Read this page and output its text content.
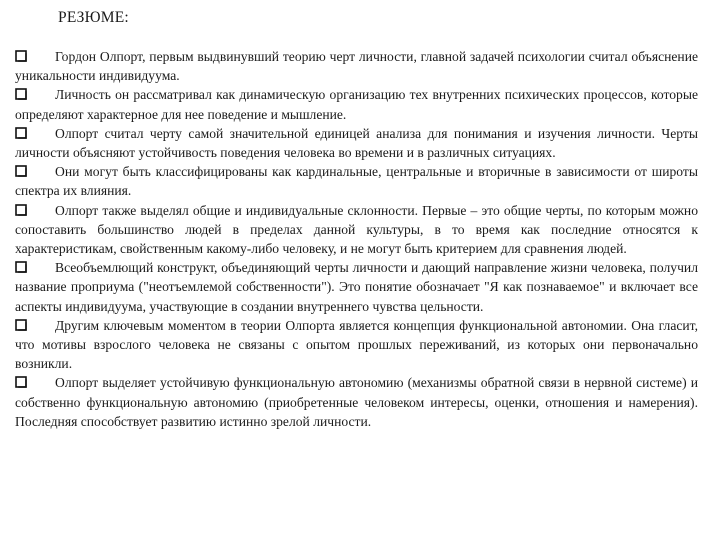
РЕЗЮМЕ:

Гордон Олпорт, первым выдвинувший теорию черт личности, главной задачей психологии считал объяснение уникальности индивидуума.

Личность он рассматривал как динамическую организацию тех внутренних психических процессов, которые определяют характерное для нее поведение и мышление.

Олпорт считал черту самой значительной единицей анализа для понимания и изучения личности. Черты личности объясняют устойчивость поведения человека во времени и в различных ситуациях.

Они могут быть классифицированы как кардинальные, центральные и вторичные в зависимости от широты спектра их влияния.

Олпорт также выделял общие и индивидуальные склонности. Первые – это общие черты, по которым можно сопоставить большинство людей в пределах данной культуры, в то время как последние относятся к характеристикам, свойственным какому-либо человеку, и не могут быть критерием для сравнения людей.

Всеобъемлющий конструкт, объединяющий черты личности и дающий направление жизни человека, получил название проприума ("неотъемлемой собственности"). Это понятие обозначает "Я как познаваемое" и включает все аспекты индивидуума, участвующие в создании внутреннего чувства цельности.

Другим ключевым моментом в теории Олпорта является концепция функциональной автономии. Она гласит, что мотивы взрослого человека не связаны с опытом прошлых переживаний, из которых они первоначально возникли.

Олпорт выделяет устойчивую функциональную автономию (механизмы обратной связи в нервной системе) и собственно функциональную автономию (приобретенные человеком интересы, оценки, отношения и намерения). Последняя способствует развитию истинно зрелой личности.
